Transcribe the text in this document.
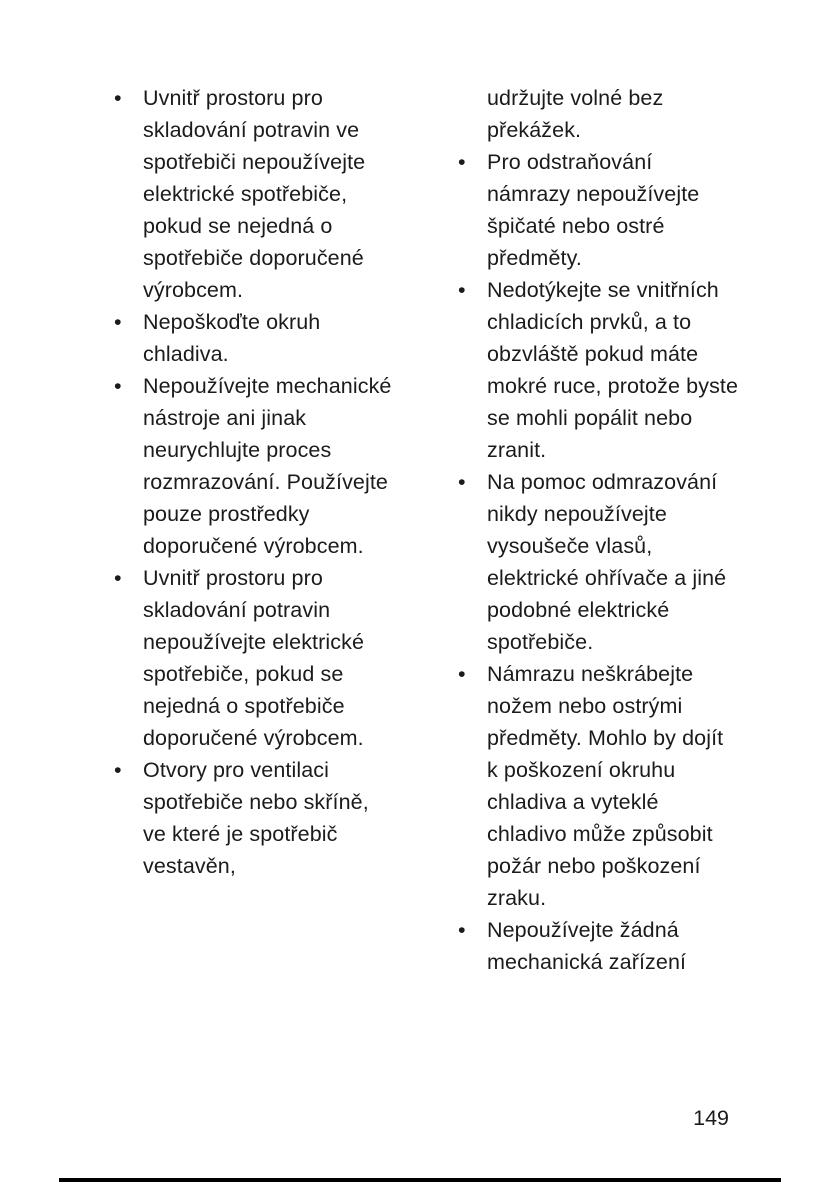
• Uvnitř prostoru pro skladování potravin ve spotřebiči nepoužívejte elektrické spotřebiče, pokud se nejedná o spotřebiče doporučené výrobcem.
• Nepoškoďte okruh chladiva.
• Nepoužívejte mechanické nástroje ani jinak neurychlujte proces rozmrazování. Používejte pouze prostředky doporučené výrobcem.
• Uvnitř prostoru pro skladování potravin nepoužívejte elektrické spotřebiče, pokud se nejedná o spotřebiče doporučené výrobcem.
• Otvory pro ventilaci spotřebiče nebo skříně, ve které je spotřebič vestavěn,
udržujte volné bez překážek.
• Pro odstraňování námrazy nepoužívejte špičaté nebo ostré předměty.
• Nedotýkejte se vnitřních chladicích prvků, a to obzvláště pokud máte mokré ruce, protože byste se mohli popálit nebo zranit.
• Na pomoc odmrazování nikdy nepoužívejte vysoušeče vlasů, elektrické ohřívače a jiné podobné elektrické spotřebiče.
• Námrazu neškrábejte nožem nebo ostrými předměty. Mohlo by dojít k poškození okruhu chladiva a vyteklé chladivo může způsobit požár nebo poškození zraku.
• Nepoužívejte žádná mechanická zařízení
149
